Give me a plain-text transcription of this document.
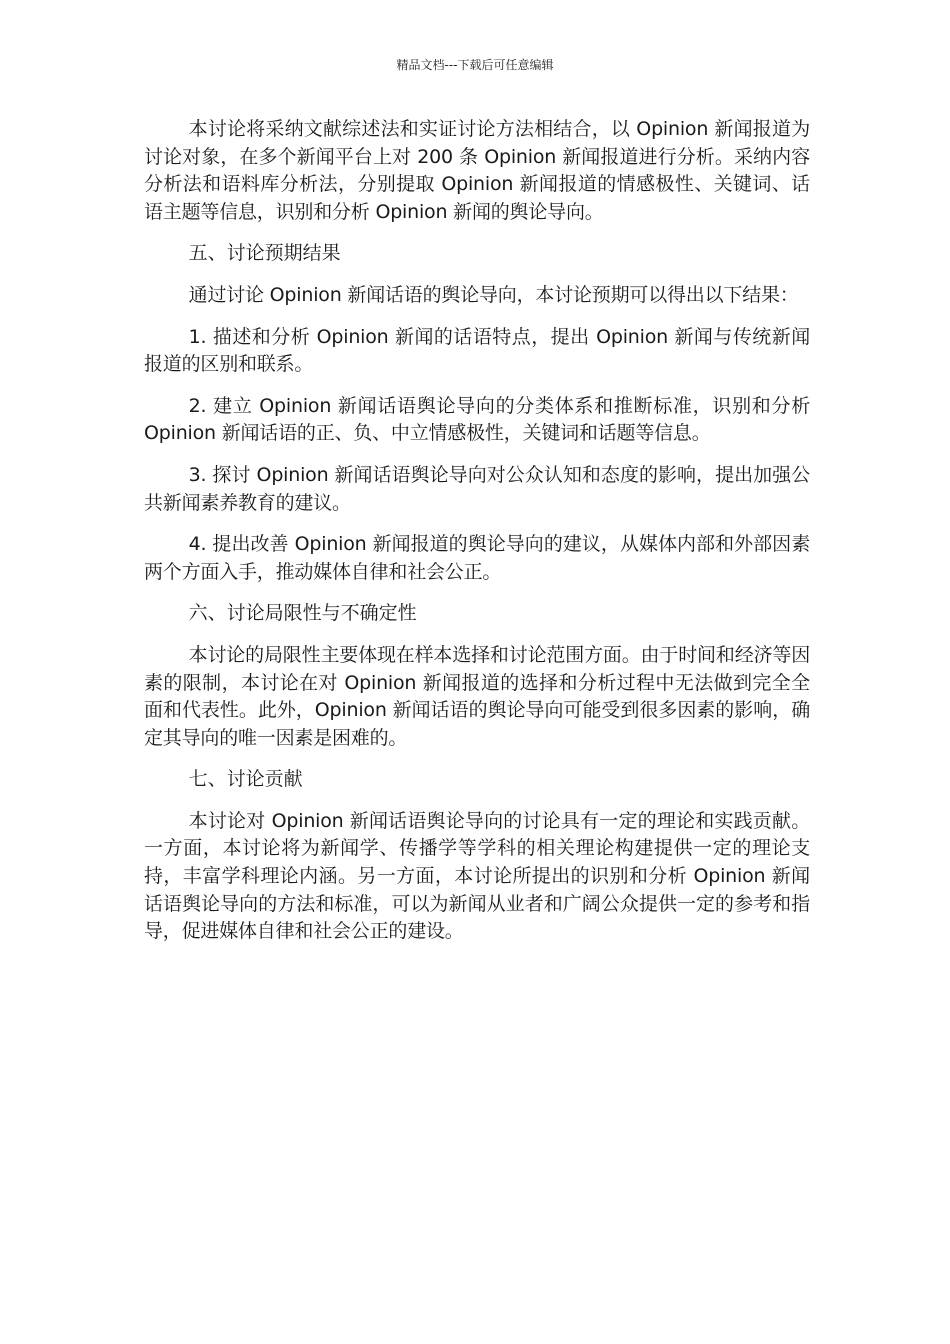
精品文档---下载后可任意编辑

本讨论将采纳文献综述法和实证讨论方法相结合，以 Opinion 新闻报道为讨论对象，在多个新闻平台上对 200 条 Opinion 新闻报道进行分析。采纳内容分析法和语料库分析法，分别提取 Opinion 新闻报道的情感极性、关键词、话语主题等信息，识别和分析 Opinion 新闻的舆论导向。

五、讨论预期结果

通过讨论 Opinion 新闻话语的舆论导向，本讨论预期可以得出以下结果：

1. 描述和分析 Opinion 新闻的话语特点，提出 Opinion 新闻与传统新闻报道的区别和联系。

2. 建立 Opinion 新闻话语舆论导向的分类体系和推断标准，识别和分析 Opinion 新闻话语的正、负、中立情感极性，关键词和话题等信息。

3. 探讨 Opinion 新闻话语舆论导向对公众认知和态度的影响，提出加强公共新闻素养教育的建议。

4. 提出改善 Opinion 新闻报道的舆论导向的建议，从媒体内部和外部因素两个方面入手，推动媒体自律和社会公正。

六、讨论局限性与不确定性

本讨论的局限性主要体现在样本选择和讨论范围方面。由于时间和经济等因素的限制，本讨论在对 Opinion 新闻报道的选择和分析过程中无法做到完全全面和代表性。此外，Opinion 新闻话语的舆论导向可能受到很多因素的影响，确定其导向的唯一因素是困难的。

七、讨论贡献

本讨论对 Opinion 新闻话语舆论导向的讨论具有一定的理论和实践贡献。一方面，本讨论将为新闻学、传播学等学科的相关理论构建提供一定的理论支持，丰富学科理论内涵。另一方面，本讨论所提出的识别和分析 Opinion 新闻话语舆论导向的方法和标准，可以为新闻从业者和广阔公众提供一定的参考和指导，促进媒体自律和社会公正的建设。
